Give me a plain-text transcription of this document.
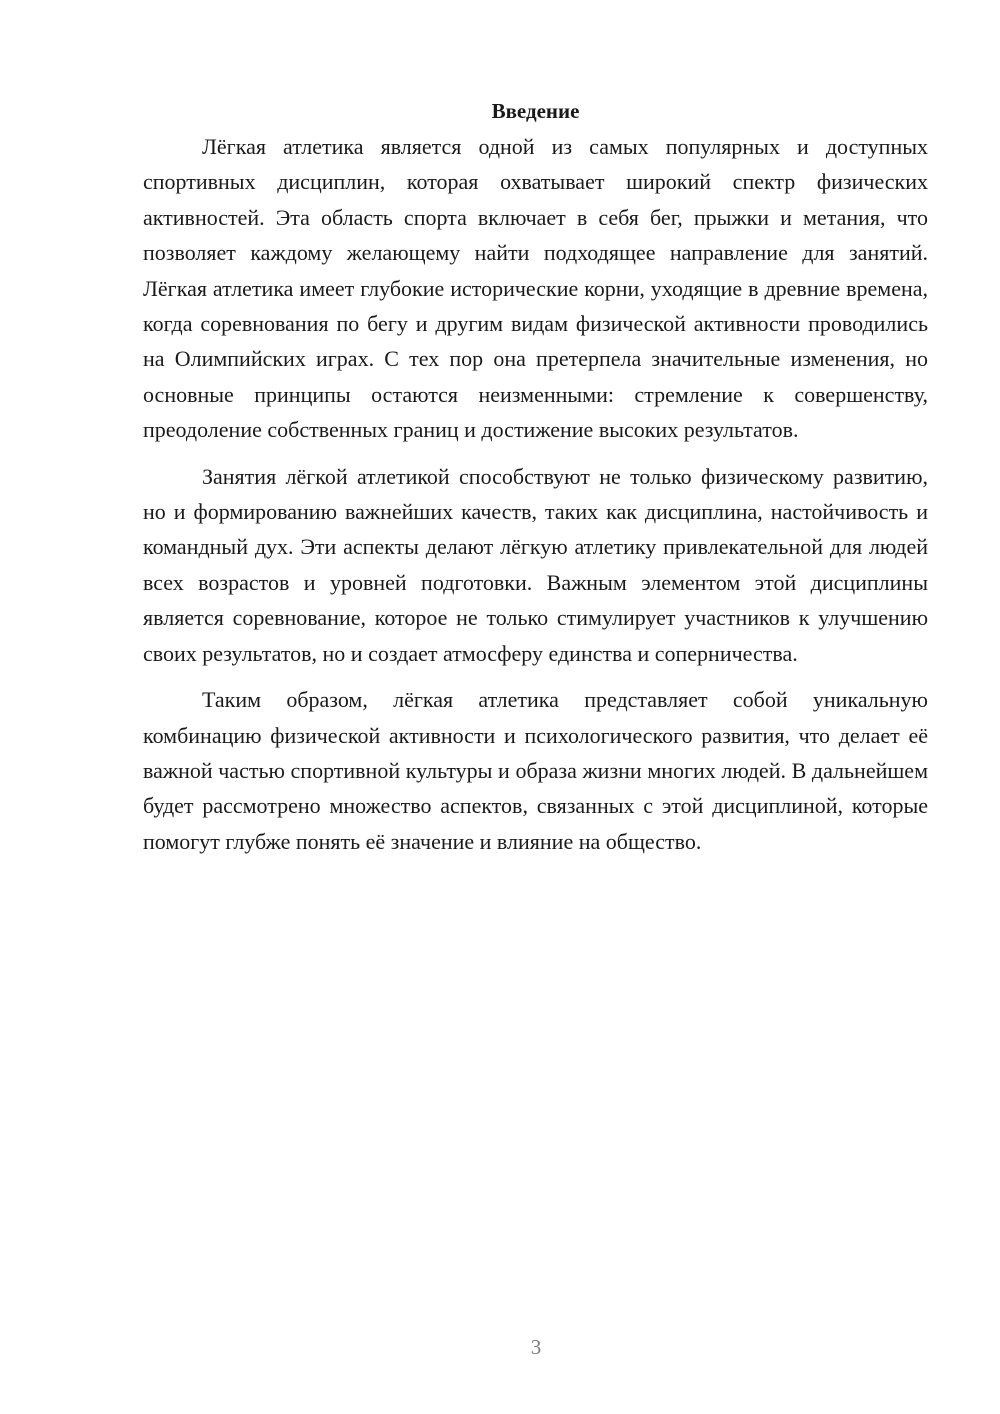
Введение

Лёгкая атлетика является одной из самых популярных и доступных спортивных дисциплин, которая охватывает широкий спектр физических активностей. Эта область спорта включает в себя бег, прыжки и метания, что позволяет каждому желающему найти подходящее направление для занятий. Лёгкая атлетика имеет глубокие исторические корни, уходящие в древние времена, когда соревнования по бегу и другим видам физической активности проводились на Олимпийских играх. С тех пор она претерпела значительные изменения, но основные принципы остаются неизменными: стремление к совершенству, преодоление собственных границ и достижение высоких результатов.

Занятия лёгкой атлетикой способствуют не только физическому развитию, но и формированию важнейших качеств, таких как дисциплина, настойчивость и командный дух. Эти аспекты делают лёгкую атлетику привлекательной для людей всех возрастов и уровней подготовки. Важным элементом этой дисциплины является соревнование, которое не только стимулирует участников к улучшению своих результатов, но и создает атмосферу единства и соперничества.

Таким образом, лёгкая атлетика представляет собой уникальную комбинацию физической активности и психологического развития, что делает её важной частью спортивной культуры и образа жизни многих людей. В дальнейшем будет рассмотрено множество аспектов, связанных с этой дисциплиной, которые помогут глубже понять её значение и влияние на общество.

3
